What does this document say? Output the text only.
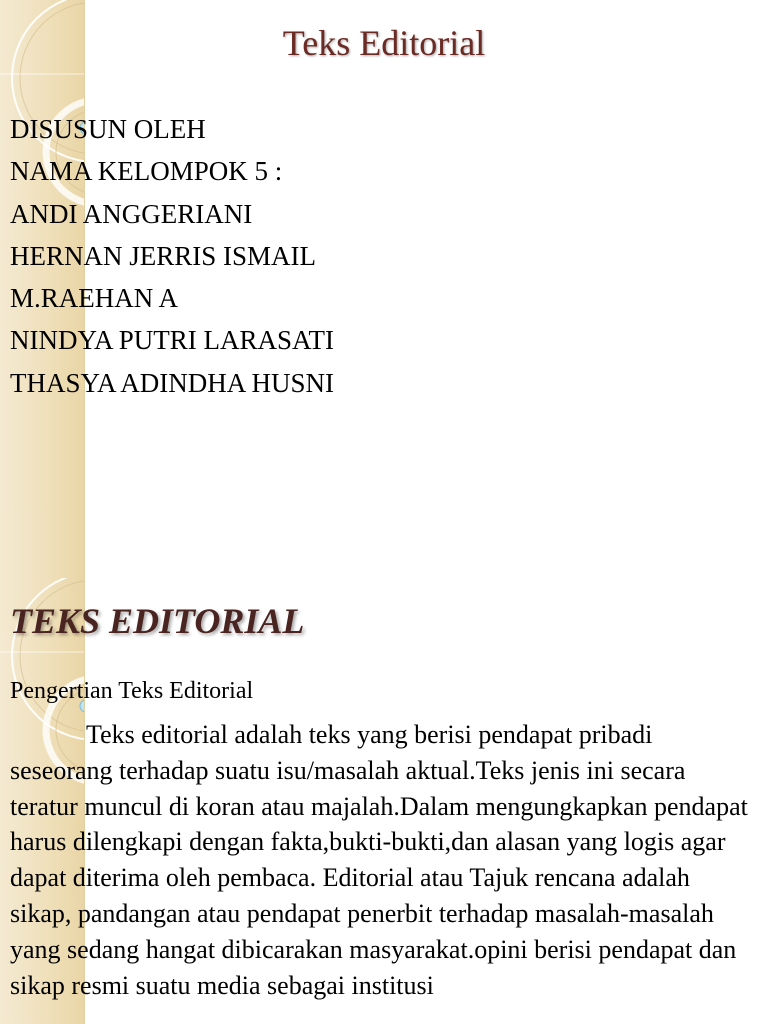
Teks Editorial
DISUSUN OLEH
NAMA KELOMPOK 5 :
ANDI ANGGERIANI
HERNAN JERRIS ISMAIL
M.RAEHAN A
NINDYA PUTRI LARASATI
THASYA ADINDHA HUSNI
TEKS EDITORIAL
Pengertian Teks Editorial

Teks editorial adalah teks yang berisi pendapat pribadi seseorang terhadap suatu isu/masalah aktual.Teks jenis ini secara teratur muncul di koran atau majalah.Dalam mengungkapkan pendapat harus dilengkapi dengan fakta,bukti-bukti,dan alasan yang logis agar dapat diterima oleh pembaca. Editorial atau Tajuk rencana adalah sikap, pandangan atau pendapat penerbit terhadap masalah-masalah yang sedang hangat dibicarakan masyarakat.opini berisi pendapat dan sikap resmi suatu media sebagai institusi
